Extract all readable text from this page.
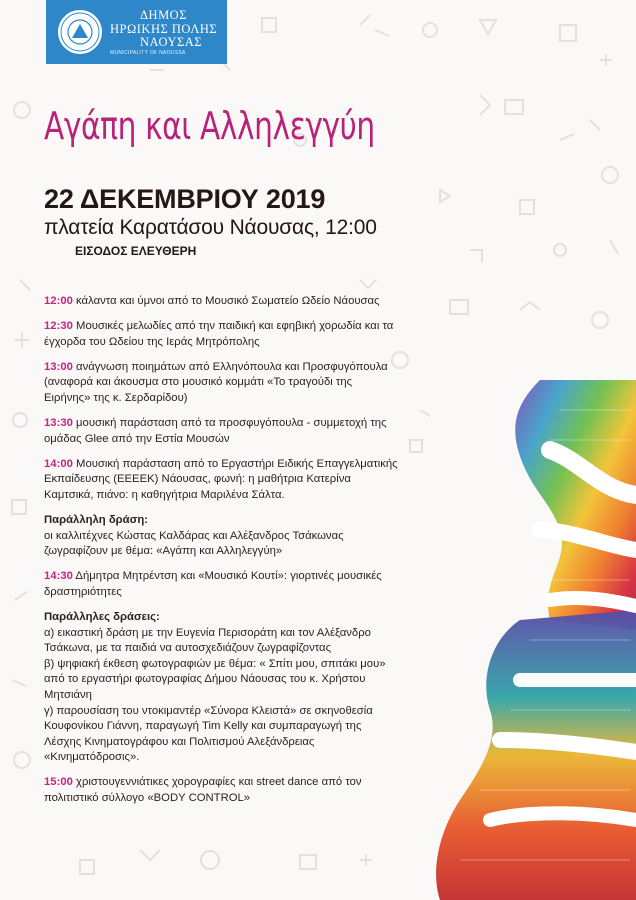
ΔΗΜΟΣ
ΗΡΩΙΚΗΣ ΠΟΛΗΣ
ΝΑΟΥΣΑΣ
MUNICIPALITY OF NAOUSSA
Αγάπη και Αλληλεγγύη
22 ΔΕΚΕΜΒΡΙΟΥ 2019
πλατεία Καρατάσου Νάουσας, 12:00
ΕΙΣΟΔΟΣ ΕΛΕΥΘΕΡΗ

12:00 κάλαντα και ύμνοι από το Μουσικό Σωματείο Ωδείο Νάουσας

12:30 Μουσικές μελωδίες από την παιδική και εφηβική χορωδία και τα έγχορδα του Ωδείου της Ιεράς Μητρόπολης

13:00 ανάγνωση ποιημάτων από Ελληνόπουλα και Προσφυγόπουλα (αναφορά και άκουσμα στο μουσικό κομμάτι «Το τραγούδι της Ειρήνης» της κ. Σερδαρίδου)

13:30 μουσική παράσταση από τα προσφυγόπουλα - συμμετοχή της ομάδας Glee από την Εστία Μουσών

14:00 Μουσική παράσταση από το Εργαστήρι Ειδικής Επαγγελματικής Εκπαίδευσης (ΕΕΕΕΚ) Νάουσας, φωνή: η μαθήτρια Κατερίνα Καμτσικά, πιάνο: η καθηγήτρια Μαριλένα Σάλτα.

Παράλληλη δράση:
οι καλλιτέχνες Κώστας Καλδάρας και Αλέξανδρος Τσάκωνας ζωγραφίζουν με θέμα: «Αγάπη και Αλληλεγγύη»

14:30 Δήμητρα Μητρέντση και «Μουσικό Κουτί»: γιορτινές μουσικές δραστηριότητες

Παράλληλες δράσεις:
α) εικαστική δράση με την Ευγενία Περισοράτη και τον Αλέξανδρο Τσάκωνα, με τα παιδιά να αυτοσχεδιάζουν ζωγραφίζοντας
β) ψηφιακή έκθεση φωτογραφιών με θέμα: « Σπίτι μου, σπιτάκι μου» από το εργαστήρι φωτογραφίας Δήμου Νάουσας του κ. Χρήστου Μητσιάνη
γ) παρουσίαση του ντοκιμαντέρ «Σύνορα Κλειστά» σε σκηνοθεσία Κουφονίκου Γιάννη, παραγωγή Tim Kelly και συμπαραγωγή της Λέσχης Κινηματογράφου και Πολιτισμού Αλεξάνδρειας «Κινηματόδροσις».

15:00 χριστουγεννιάτικες χορογραφίες και street dance από τον πολιτιστικό σύλλογο «BODY CONTROL»
